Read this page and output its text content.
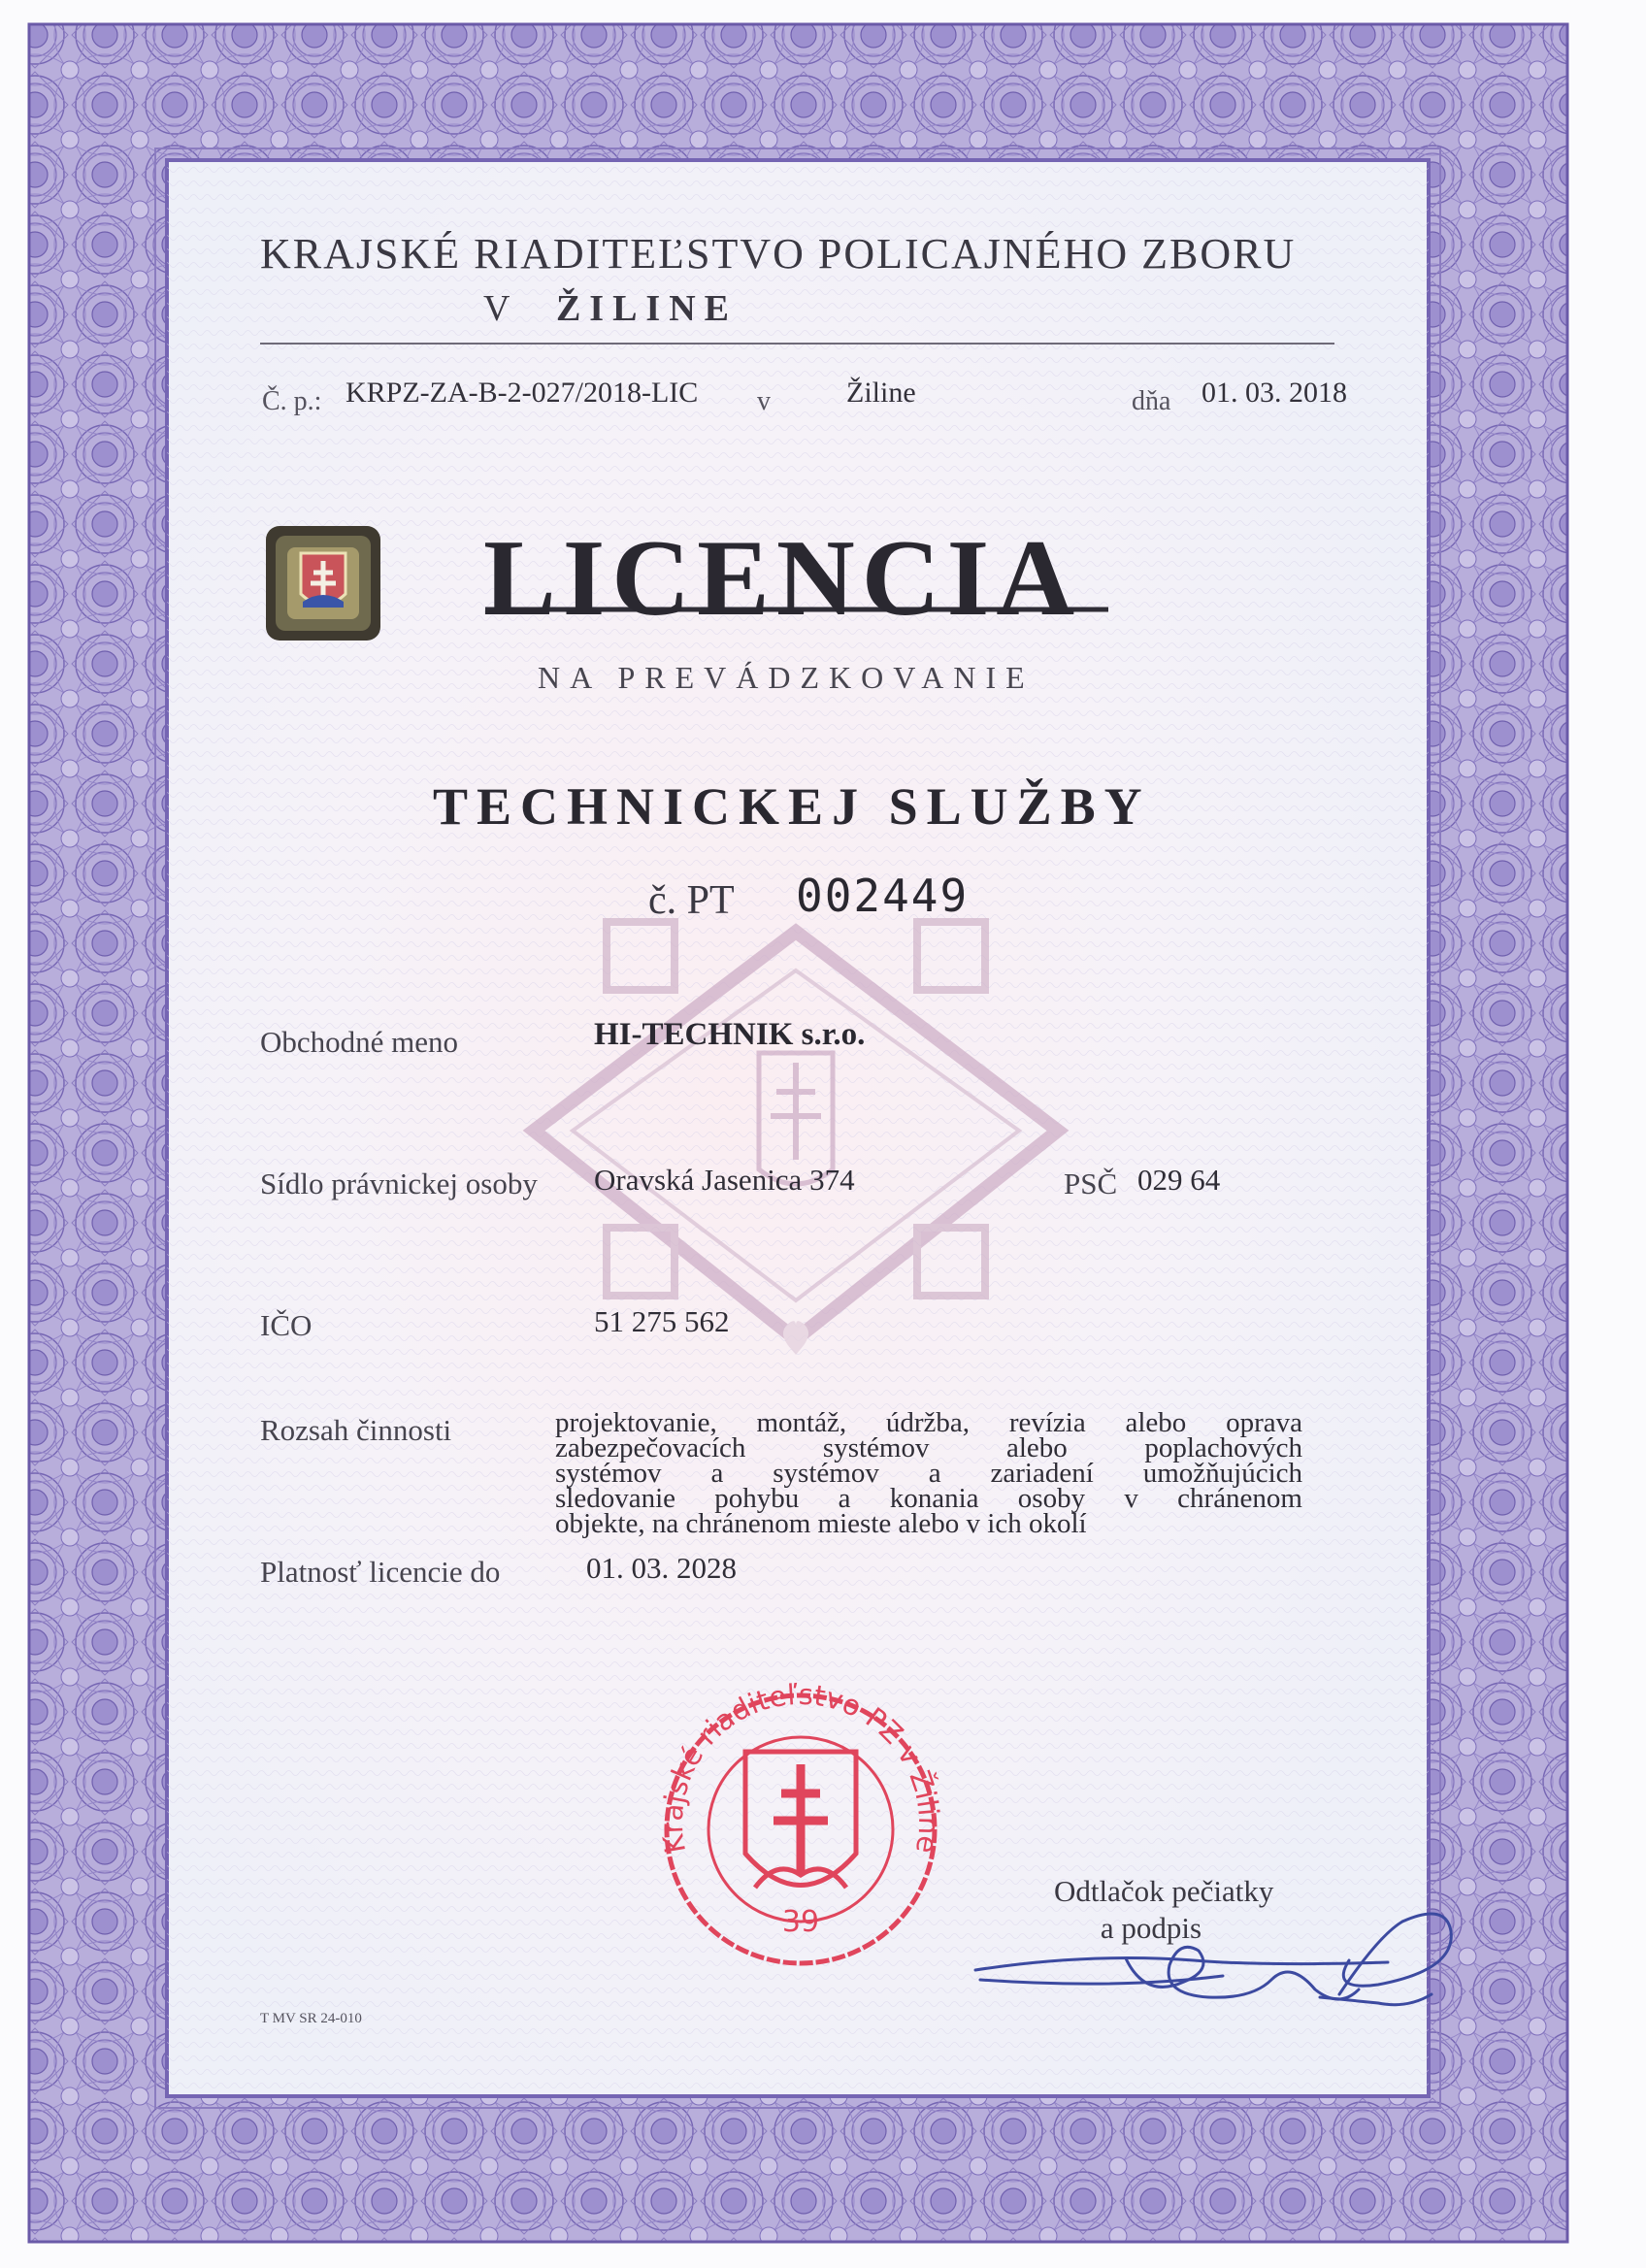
Krajské riaditeľstvo PZ v Žiline
39
KRAJSKÉ RIADITEĽSTVO POLICAJNÉHO ZBORU
V ŽILINE
Č. p.: KRPZ-ZA-B-2-027/2018-LIC v	Žiline	dňa 01. 03. 2018
LICENCIA
NA PREVÁDZKOVANIE
TECHNICKEJ SLUŽBY
č. PT 002449
Obchodné meno	HI-TECHNIK s.r.o.
Sídlo právnickej osoby Oravská Jasenica 374	PSČ 029 64
IČO	51 275 562
Rozsah činnosti	projektovanie, montáž, údržba, revízia alebo oprava
zabezpečovacích systémov alebo poplachových
systémov a systémov a zariadení umožňujúcich
sledovanie pohybu a konania osoby v chránenom
objekte, na chránenom mieste alebo v ich okolí
Platnosť licencie do	01. 03. 2028
Odtlačok pečiatky
a podpis
T MV SR 24-010
